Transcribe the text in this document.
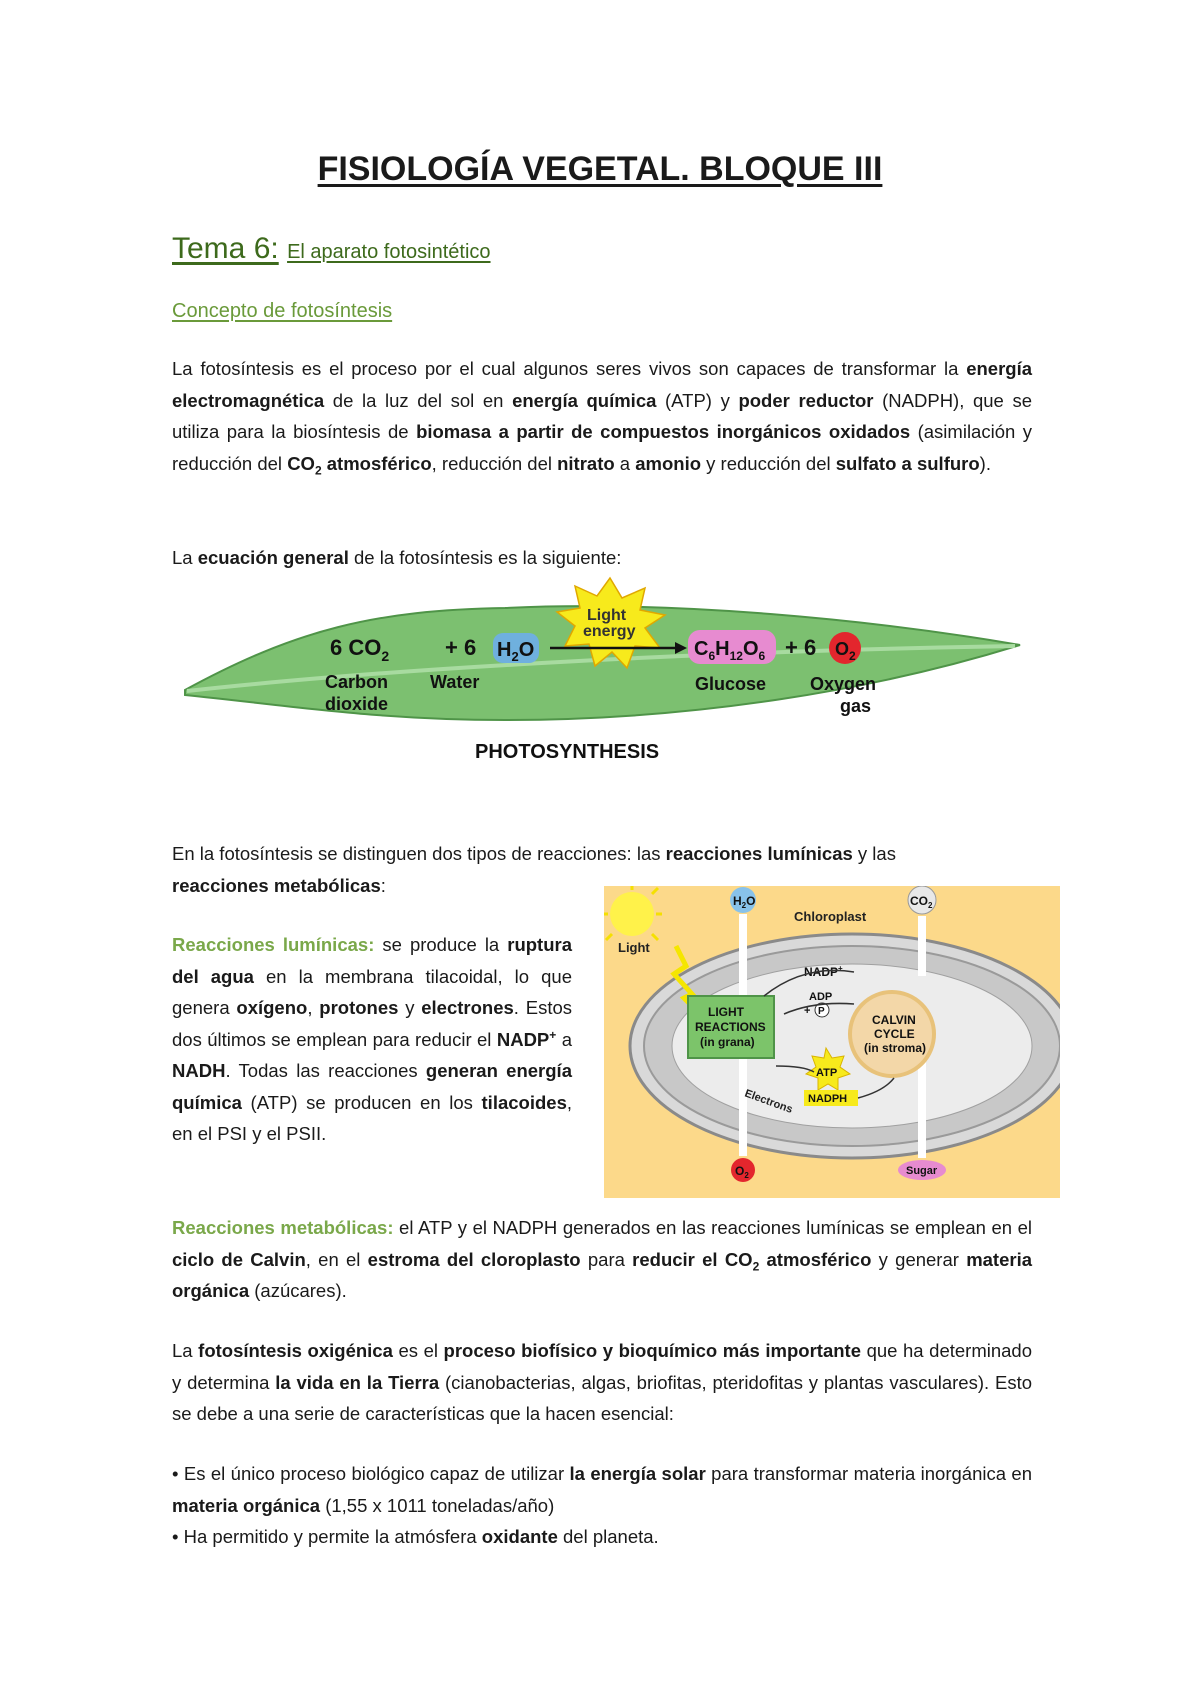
FISIOLOGÍA VEGETAL. BLOQUE III
Tema 6: El aparato fotosintético
Concepto de fotosíntesis
La fotosíntesis es el proceso por el cual algunos seres vivos son capaces de transformar la energía electromagnética de la luz del sol en energía química (ATP) y poder reductor (NADPH), que se utiliza para la biosíntesis de biomasa a partir de compuestos inorgánicos oxidados (asimilación y reducción del $CO_2$ atmosférico, reducción del nitrato a amonio y reducción del sulfato a sulfuro).
La ecuación general de la fotosíntesis es la siguiente:
6 $CO_2$	+ 6 $H_2O$
Light
energy
$C_6H_{12}O_6 + 6$ $O_2$
Carbon
dioxide
Water	Glucose Oxygen
gas
PHOTOSYNTHESIS
En la fotosíntesis se distinguen dos tipos de reacciones: las reacciones lumínicas y las
reacciones metabólicas:
Reacciones lumínicas: se produce la ruptura del agua en la membrana tilacoidal, lo que genera oxígeno, protones y electrones. Estos dos últimos se emplean para reducir el NADP+ a NADH. Todas las reacciones generan energía química (ATP) se producen en los tilacoides, en el PSI y el PSII.
$H_2O$	$CO_2$
Chloroplast
Light
LIGHT
REACTIONS
(in grana)
CALVIN
CYCLE
(in stroma)
NADP+
ADP
+ P
ATP
NADPH
Electrons
$O_2$	Sugar
Reacciones metabólicas: el ATP y el NADPH generados en las reacciones lumínicas se emplean en el ciclo de Calvin, en el estroma del cloroplasto para reducir el $CO_2$ atmosférico y generar materia orgánica (azúcares).
La fotosíntesis oxigénica es el proceso biofísico y bioquímico más importante que ha determinado y determina la vida en la Tierra (cianobacterias, algas, briofitas, pteridofitas y plantas vasculares). Esto se debe a una serie de características que la hacen esencial:
• Es el único proceso biológico capaz de utilizar la energía solar para transformar materia inorgánica en materia orgánica (1,55 x 1011 toneladas/año)
• Ha permitido y permite la atmósfera oxidante del planeta.
